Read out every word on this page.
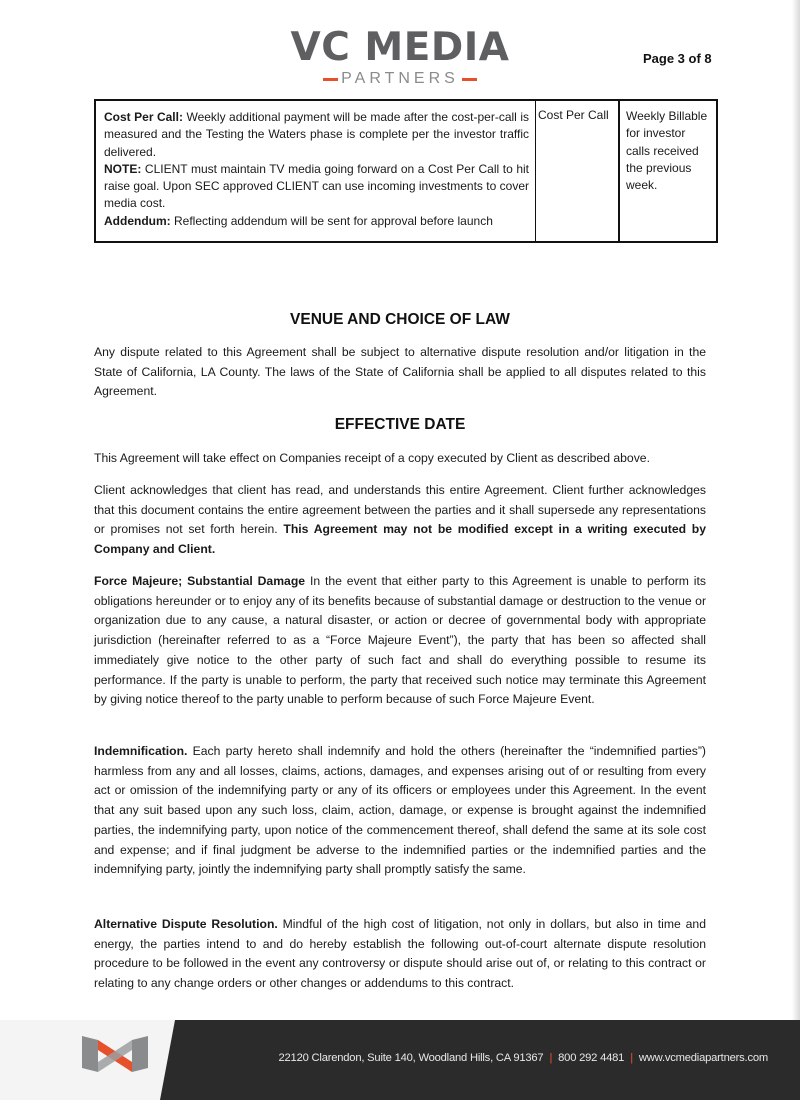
VC MEDIA
PARTNERS
Page 3 of 8
Cost Per Call: Weekly additional payment will be made after the cost-per-call is measured and the Testing the Waters phase is complete per the investor traffic delivered.
NOTE: CLIENT must maintain TV media going forward on a Cost Per Call to hit raise goal. Upon SEC approved CLIENT can use incoming investments to cover media cost.
Addendum: Reflecting addendum will be sent for approval before launch
Cost Per Call	Weekly Billable for investor calls received the previous week.
VENUE AND CHOICE OF LAW

Any dispute related to this Agreement shall be subject to alternative dispute resolution and/or litigation in the State of California, LA County. The laws of the State of California shall be applied to all disputes related to this Agreement.

EFFECTIVE DATE

This Agreement will take effect on Companies receipt of a copy executed by Client as described above.

Client acknowledges that client has read, and understands this entire Agreement. Client further acknowledges that this document contains the entire agreement between the parties and it shall supersede any representations or promises not set forth herein. This Agreement may not be modified except in a writing executed by Company and Client.

Force Majeure; Substantial Damage In the event that either party to this Agreement is unable to perform its obligations hereunder or to enjoy any of its benefits because of substantial damage or destruction to the venue or organization due to any cause, a natural disaster, or action or decree of governmental body with appropriate jurisdiction (hereinafter referred to as a “Force Majeure Event”), the party that has been so affected shall immediately give notice to the other party of such fact and shall do everything possible to resume its performance. If the party is unable to perform, the party that received such notice may terminate this Agreement by giving notice thereof to the party unable to perform because of such Force Majeure Event.

Indemnification. Each party hereto shall indemnify and hold the others (hereinafter the “indemnified parties”) harmless from any and all losses, claims, actions, damages, and expenses arising out of or resulting from every act or omission of the indemnifying party or any of its officers or employees under this Agreement. In the event that any suit based upon any such loss, claim, action, damage, or expense is brought against the indemnified parties, the indemnifying party, upon notice of the commencement thereof, shall defend the same at its sole cost and expense; and if final judgment be adverse to the indemnified parties or the indemnified parties and the indemnifying party, jointly the indemnifying party shall promptly satisfy the same.

Alternative Dispute Resolution. Mindful of the high cost of litigation, not only in dollars, but also in time and energy, the parties intend to and do hereby establish the following out-of-court alternate dispute resolution procedure to be followed in the event any controversy or dispute should arise out of, or relating to this contract or relating to any change orders or other changes or addendums to this contract.

22120 Clarendon, Suite 140, Woodland Hills, CA 91367 | 800 292 4481 | www.vcmediapartners.com
